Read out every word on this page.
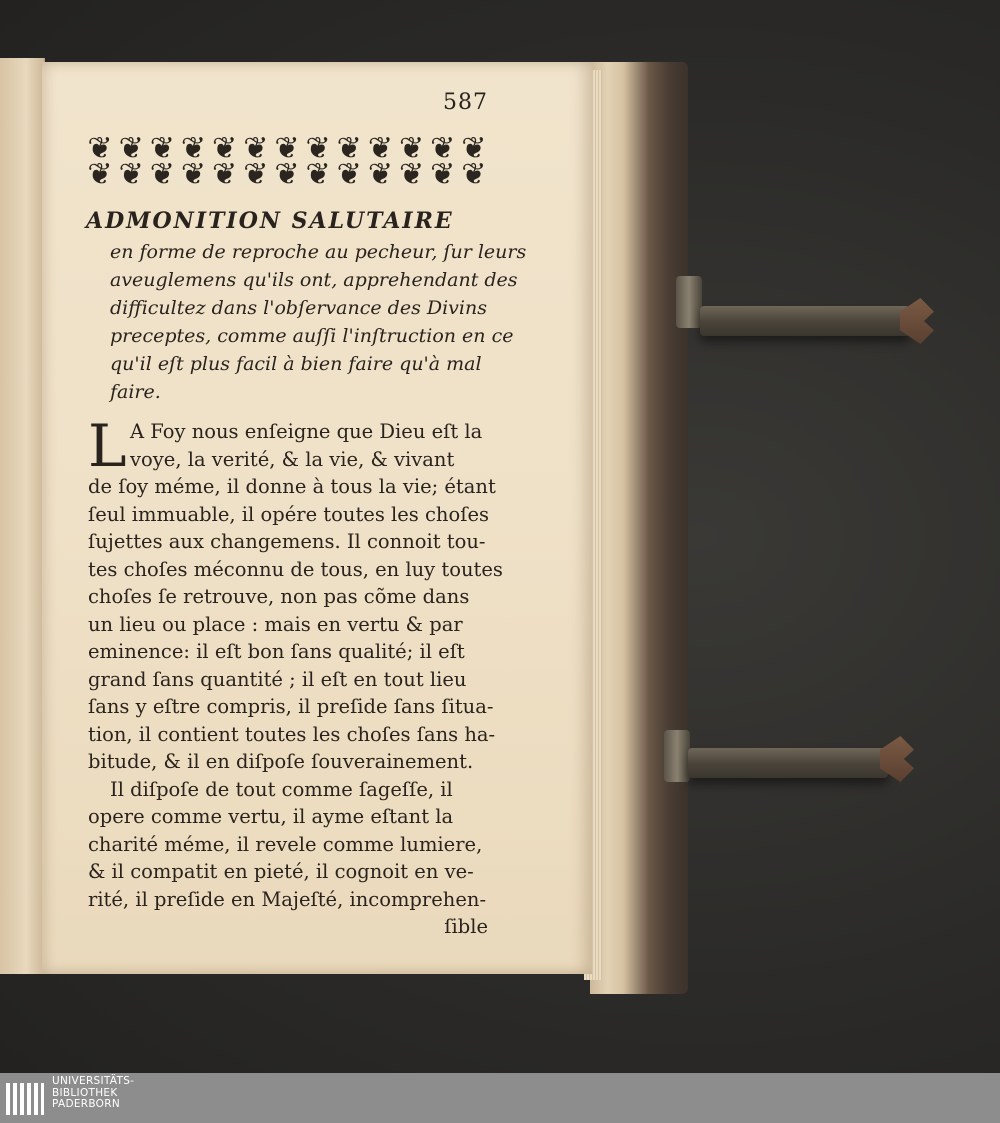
587
❦
❦
❦
❦
❦
❦
❦
❦
❦
❦
❦
❦
❦
❦
❦
❦
❦
❦
❦
❦
❦
❦
❦
❦
❦
❦
ADMONITION SALUTAIRE
en forme de reproche au pecheur, ſur leurs
aveuglemens qu'ils ont, apprehendant des
difficultez dans l'obſervance des Divins
preceptes, comme auſſi l'inſtruction en ce
qu'il eſt plus facil à bien faire qu'à mal
faire.
L A Foy nous enſeigne que Dieu eſt la
voye, la verité, & la vie, & vivant
de ſoy méme, il donne à tous la vie; étant
ſeul immuable, il opére toutes les choſes
ſujettes aux changemens. Il connoit tou-
tes choſes méconnu de tous, en luy toutes
choſes ſe retrouve, non pas cõme dans
un lieu ou place : mais en vertu & par
eminence: il eſt bon ſans qualité; il eſt
grand ſans quantité ; il eſt en tout lieu
ſans y eſtre compris, il preſide ſans ſitua-
tion, il contient toutes les choſes ſans ha-
bitude, & il en diſpoſe ſouverainement.
Il diſpoſe de tout comme ſageſſe, il
opere comme vertu, il ayme eſtant la
charité méme, il revele comme lumiere,
& il compatit en pieté, il cognoit en ve-
rité, il preſide en Majeſté, incomprehen-
ſible
UNIVERSITÄTS-
BIBLIOTHEK
PADERBORN
